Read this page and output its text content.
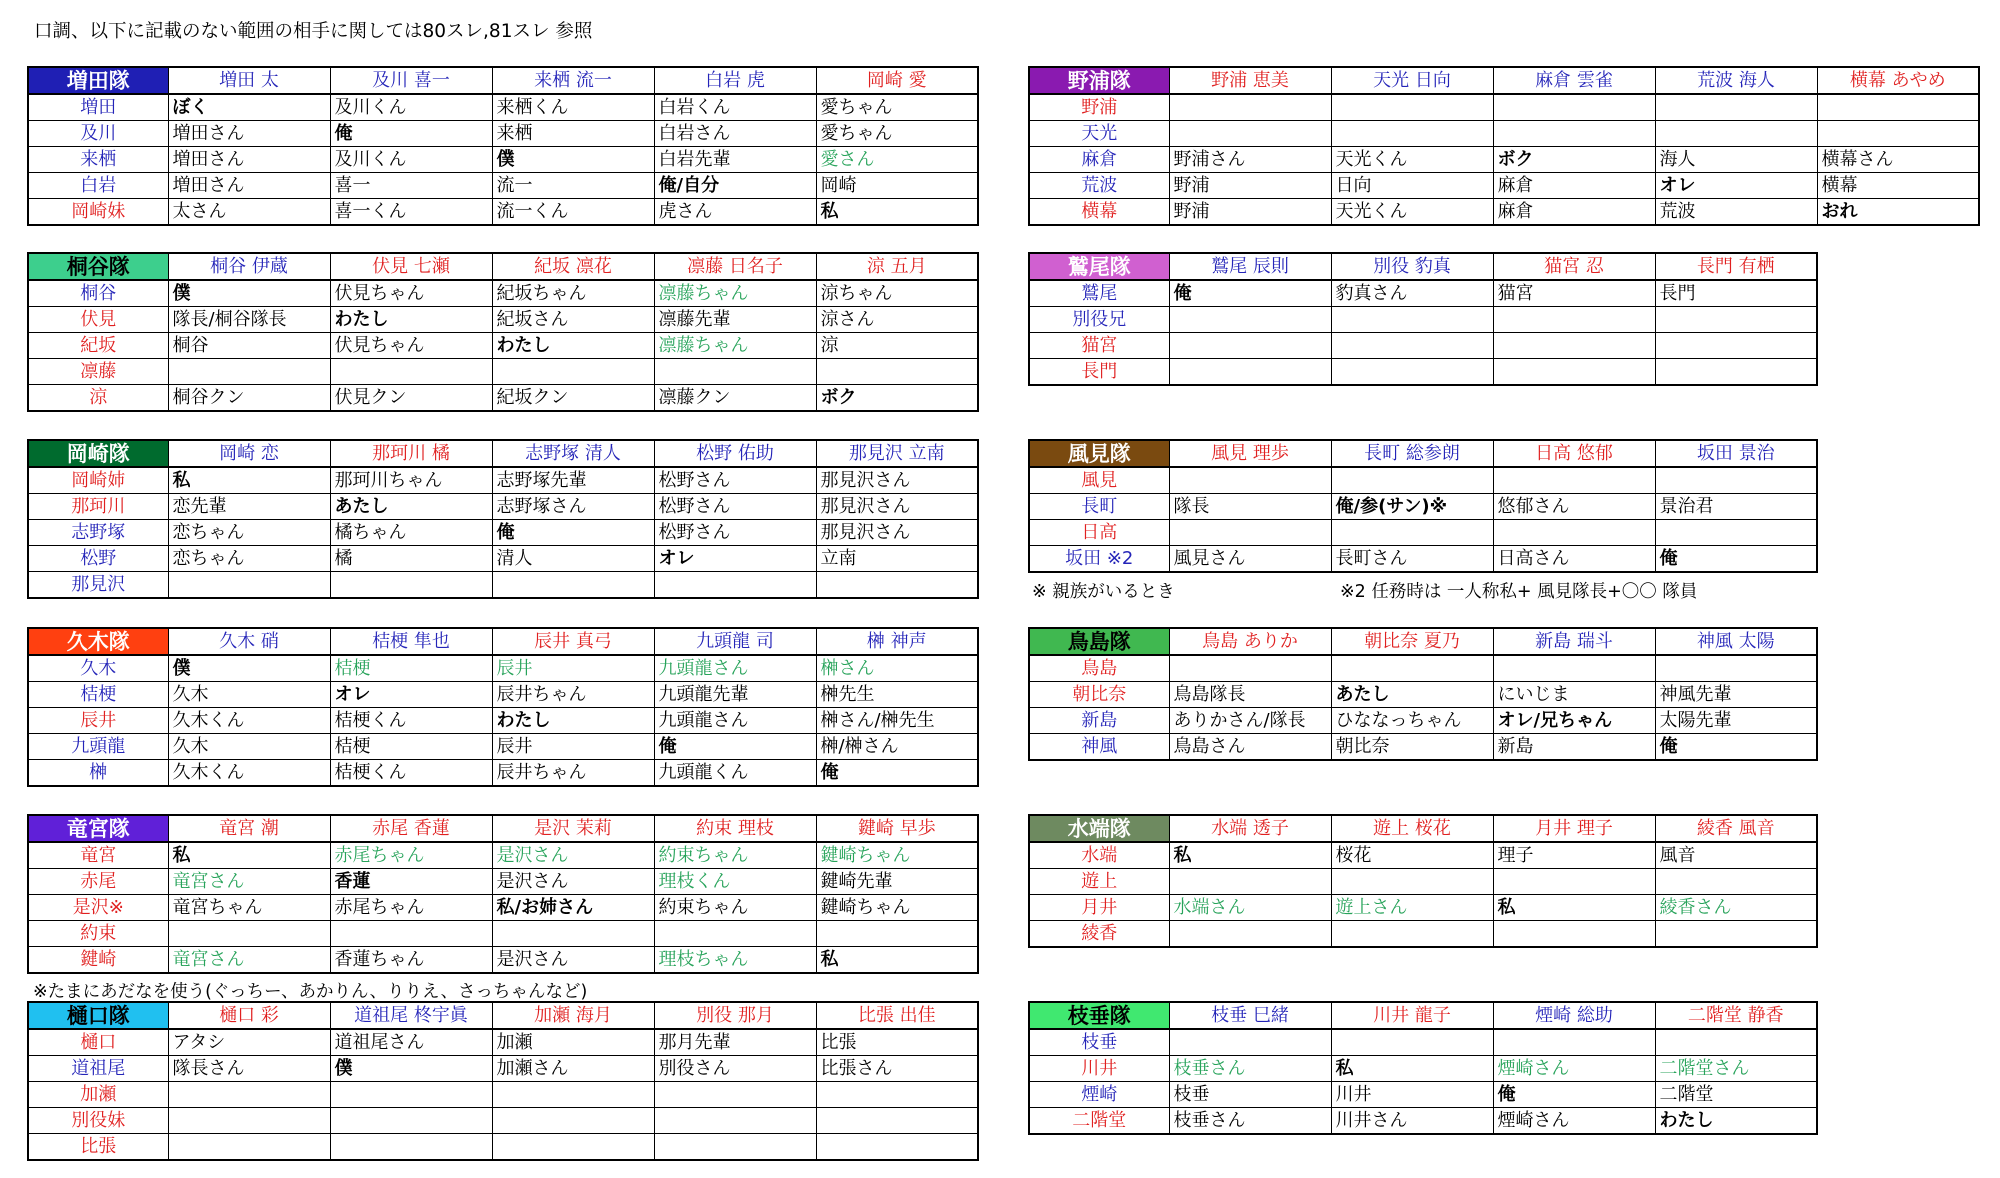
口調、以下に記載のない範囲の相手に関しては80スレ,81スレ 参照
増田隊	増田 太	及川 喜一	来栖 流一	白岩 虎	岡崎 愛
増田	ぼく	及川くん	来栖くん	白岩くん	愛ちゃん
及川	増田さん	俺	来栖	白岩さん	愛ちゃん
来栖	増田さん	及川くん	僕	白岩先輩	愛さん
白岩	増田さん	喜一	流一	俺/自分	岡崎
岡崎妹	太さん	喜一くん	流一くん	虎さん	私
桐谷隊	桐谷 伊蔵	伏見 七瀬	紀坂 凛花	凛藤 日名子	涼 五月
桐谷	僕	伏見ちゃん	紀坂ちゃん	凛藤ちゃん	涼ちゃん
伏見	隊長/桐谷隊長	わたし	紀坂さん	凛藤先輩	涼さん
紀坂	桐谷	伏見ちゃん	わたし	凛藤ちゃん	涼
凛藤					
涼	桐谷クン	伏見クン	紀坂クン	凛藤クン	ボク
岡崎隊	岡崎 恋	那珂川 橘	志野塚 清人	松野 佑助	那見沢 立南
岡崎姉	私	那珂川ちゃん	志野塚先輩	松野さん	那見沢さん
那珂川	恋先輩	あたし	志野塚さん	松野さん	那見沢さん
志野塚	恋ちゃん	橘ちゃん	俺	松野さん	那見沢さん
松野	恋ちゃん	橘	清人	オレ	立南
那見沢					
久木隊	久木 硝	桔梗 隼也	辰井 真弓	九頭龍 司	榊 神声
久木	僕	桔梗	辰井	九頭龍さん	榊さん
桔梗	久木	オレ	辰井ちゃん	九頭龍先輩	榊先生
辰井	久木くん	桔梗くん	わたし	九頭龍さん	榊さん/榊先生
九頭龍	久木	桔梗	辰井	俺	榊/榊さん
榊	久木くん	桔梗くん	辰井ちゃん	九頭龍くん	俺
竜宮隊	竜宮 潮	赤尾 香蓮	是沢 茉莉	約束 理枝	鍵崎 早歩
竜宮	私	赤尾ちゃん	是沢さん	約束ちゃん	鍵崎ちゃん
赤尾	竜宮さん	香蓮	是沢さん	理枝くん	鍵崎先輩
是沢※	竜宮ちゃん	赤尾ちゃん	私/お姉さん	約束ちゃん	鍵崎ちゃん
約束					
鍵崎	竜宮さん	香蓮ちゃん	是沢さん	理枝ちゃん	私
樋口隊	樋口 彩	道祖尾 柊宇眞	加瀬 海月	別役 那月	比張 出佳
樋口	アタシ	道祖尾さん	加瀬	那月先輩	比張
道祖尾	隊長さん	僕	加瀬さん	別役さん	比張さん
加瀬					
別役妹					
比張					
野浦隊	野浦 恵美	天光 日向	麻倉 雲雀	荒波 海人	横幕 あやめ
野浦					
天光					
麻倉	野浦さん	天光くん	ボク	海人	横幕さん
荒波	野浦	日向	麻倉	オレ	横幕
横幕	野浦	天光くん	麻倉	荒波	おれ
鷲尾隊	鷲尾 辰則	別役 豹真	猫宮 忍	長門 有栖
鷲尾	俺	豹真さん	猫宮	長門
別役兄				
猫宮				
長門				
風見隊	風見 理歩	長町 総参朗	日高 悠郁	坂田 景治
風見				
長町	隊長	俺/参(サン)※	悠郁さん	景治君
日高				
坂田 ※2	風見さん	長町さん	日高さん	俺
鳥島隊	鳥島 ありか	朝比奈 夏乃	新島 瑞斗	神風 太陽
鳥島				
朝比奈	鳥島隊長	あたし	にいじま	神風先輩
新島	ありかさん/隊長	ひななっちゃん	オレ/兄ちゃん	太陽先輩
神風	鳥島さん	朝比奈	新島	俺
水端隊	水端 透子	遊上 桜花	月井 理子	綾香 風音
水端	私	桜花	理子	風音
遊上				
月井	水端さん	遊上さん	私	綾香さん
綾香				
枝垂隊	枝垂 巳緒	川井 龍子	煙崎 総助	二階堂 静香
枝垂				
川井	枝垂さん	私	煙崎さん	二階堂さん
煙崎	枝垂	川井	俺	二階堂
二階堂	枝垂さん	川井さん	煙崎さん	わたし
※ 親族がいるとき	※2 任務時は 一人称私+ 風見隊長+〇〇 隊員
※たまにあだなを使う(ぐっちー、あかりん、りりえ、さっちゃんなど)
